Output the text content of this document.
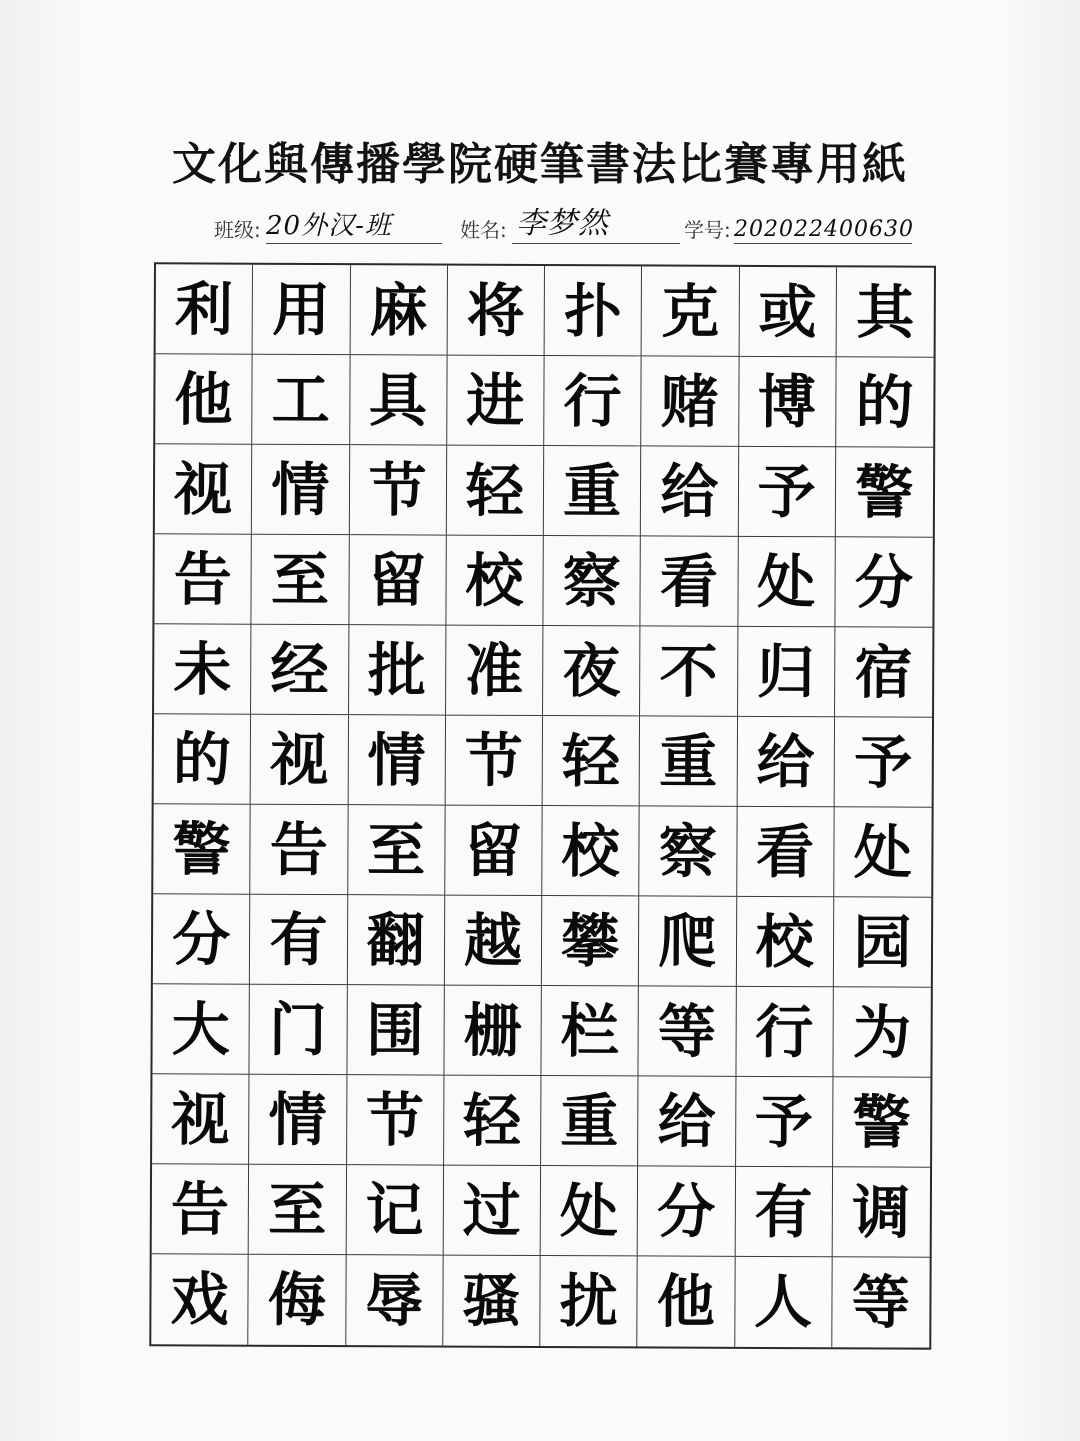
文化與傳播學院硬筆書法比賽專用紙
班级: 20外汉-班	姓名: 李梦然	学号: 202022400630
利 用 麻 将 扑 克 或 其
他 工 具 进 行 赌 博 的
视 情 节 轻 重 给 予 警
告 至 留 校 察 看 处 分
未 经 批 准 夜 不 归 宿
的 视 情 节 轻 重 给 予
警 告 至 留 校 察 看 处
分 有 翻 越 攀 爬 校 园
大 门 围 栅 栏 等 行 为
视 情 节 轻 重 给 予 警
告 至 记 过 处 分 有 调
戏 侮 辱 骚 扰 他 人 等
